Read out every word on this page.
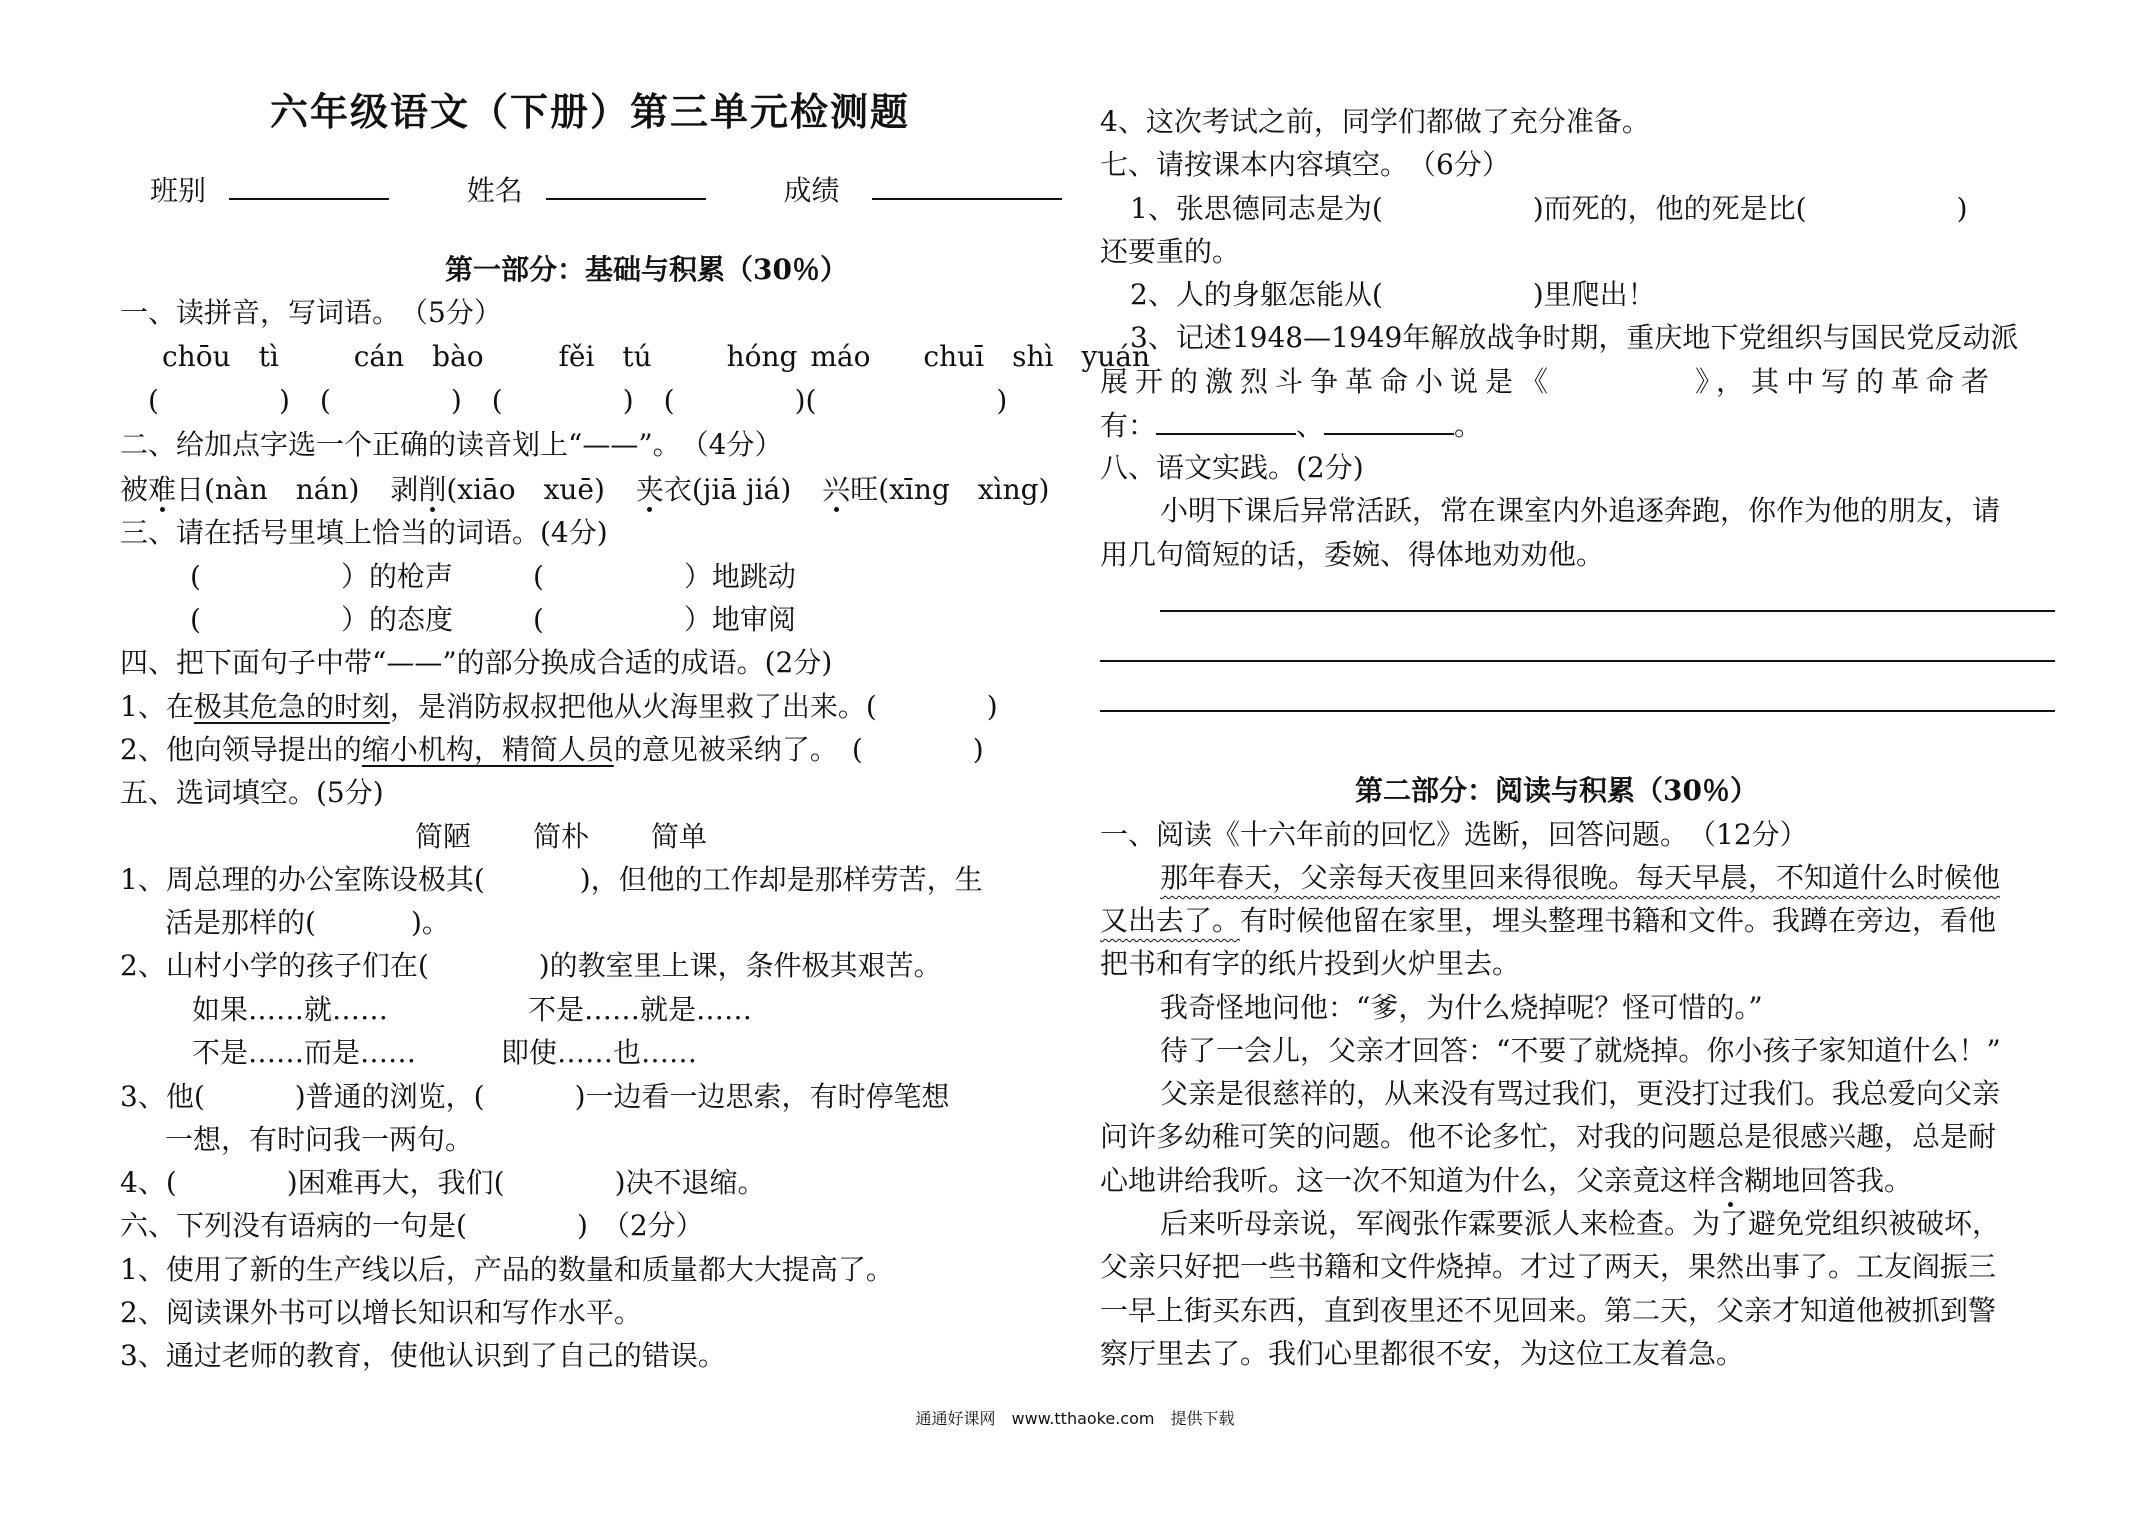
六年级语文（下册）第三单元检测题
班别	姓名	成绩
第一部分：基础与积累（30％）
一、读拼音，写词语。　（5分）
chōu　tì	cán　bào	fěi　tú	hóng máo chuī　shì　yuán
(	) (	) (	) (	)(	)
二、给加点字选一个正确的读音划上“——”。　（4分）
被难日(nàn　nán) 剥削(xiāo　xuē) 夹衣(jiā jiá) 兴旺(xīng　xìng)
三、请在括号里填上恰当的词语。(4分)
(	）的枪声	(	）地跳动
(	）的态度	(	）地审阅
四、把下面句子中带“——”的部分换成合适的成语。(2分)
1、在极其危急的时刻，是消防叔叔把他从火海里救了出来。(	)
2、他向领导提出的缩小机构，精简人员的意见被采纳了。　(	)
五、选词填空。(5分)
简陋 简朴 简单
1、周总理的办公室陈设极其(	)，但他的工作却是那样劳苦，生
活是那样的(	)。
2、山村小学的孩子们在(	)的教室里上课，条件极其艰苦。
如果……就……	不是……就是……
不是……而是……	即使……也……
3、他(	)普通的浏览，(	)一边看一边思索，有时停笔想
一想，有时问我一两句。
4、(	)困难再大，我们(	)决不退缩。
六、下列没有语病的一句是(	)　（2分）
1、使用了新的生产线以后，产品的数量和质量都大大提高了。
2、阅读课外书可以增长知识和写作水平。
3、通过老师的教育，使他认识到了自己的错误。
4、这次考试之前，同学们都做了充分准备。
七、请按课本内容填空。　（6分）
1、张思德同志是为(	)而死的，他的死是比(	)
还要重的。
2、人的身躯怎能从(	)里爬出！
3、记述1948—1949年解放战争时期，重庆地下党组织与国民党反动派
展开的激烈斗争革命小说是《	》，其中写的革命者
有：	、	。
八、语文实践。(2分)
小明下课后异常活跃，常在课室内外追逐奔跑，你作为他的朋友，请
用几句简短的话，委婉、得体地劝劝他。
第二部分：阅读与积累（30％）
一、阅读《十六年前的回忆》选断，回答问题。　（12分）
那年春天，父亲每天夜里回来得很晚。每天早晨，不知道什么时候他
又出去了。有时候他留在家里，埋头整理书籍和文件。我蹲在旁边，看他
把书和有字的纸片投到火炉里去。
我奇怪地问他：“爹，为什么烧掉呢？怪可惜的。”
待了一会儿，父亲才回答：“不要了就烧掉。你小孩子家知道什么！”
父亲是很慈祥的，从来没有骂过我们，更没打过我们。我总爱向父亲
问许多幼稚可笑的问题。他不论多忙，对我的问题总是很感兴趣，总是耐
心地讲给我听。这一次不知道为什么，父亲竟这样含糊地回答我。
后来听母亲说，军阀张作霖要派人来检查。为了避免党组织被破坏，
父亲只好把一些书籍和文件烧掉。才过了两天，果然出事了。工友阎振三
一早上街买东西，直到夜里还不见回来。第二天，父亲才知道他被抓到警
察厅里去了。我们心里都很不安，为这位工友着急。
通通好课网　www.tthaoke.com　提供下载
